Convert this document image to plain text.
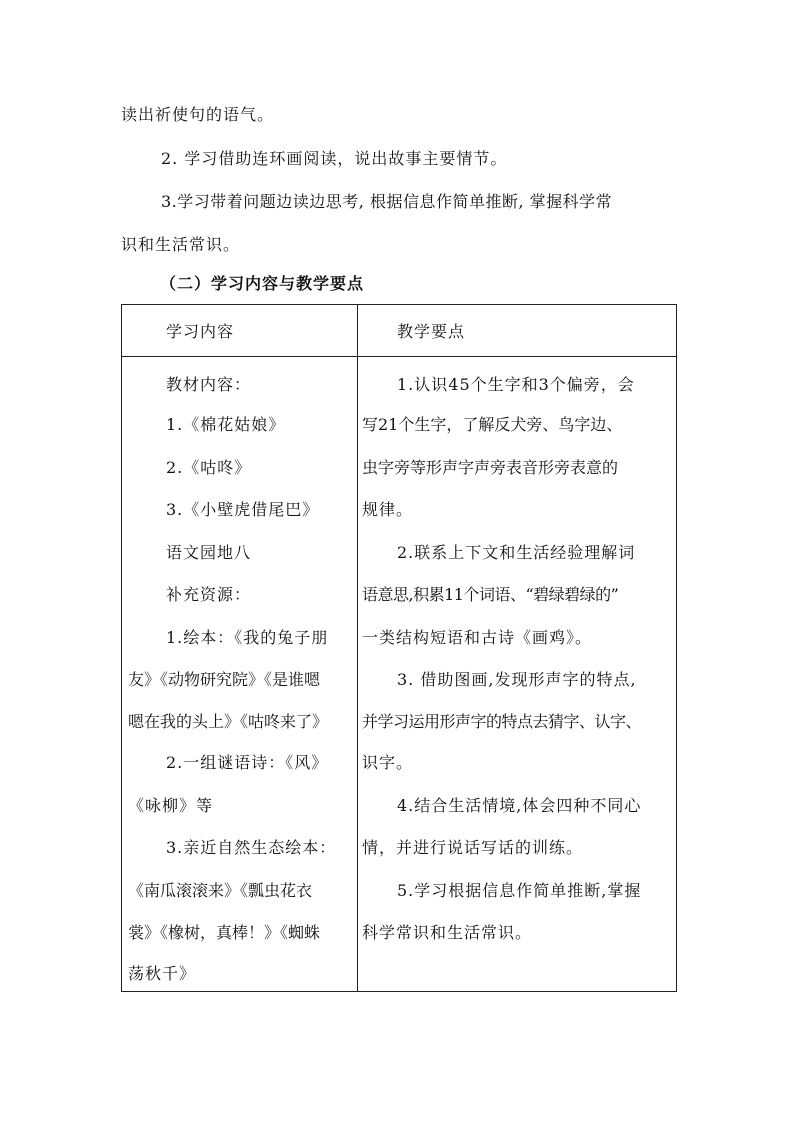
读出祈使句的语气。
2. 学习借助连环画阅读，说出故事主要情节。
3.学习带着问题边读边思考, 根据信息作简单推断, 掌握科学常
识和生活常识。
（二）学习内容与教学要点
学习内容	教学要点
教材内容：
1.《棉花姑娘》
2.《咕咚》
3.《小壁虎借尾巴》
语文园地八
补充资源：
1.绘本：《我的兔子朋
友》《动物研究院》《是谁嗯
嗯在我的头上》《咕咚来了》
2.一组谜语诗：《风》
《咏柳》等
3.亲近自然生态绘本：
《南瓜滚滚来》《瓢虫花衣
裳》《橡树，真棒！》《蜘蛛
荡秋千》
1.认识45个生字和3个偏旁，会
写21个生字，了解反犬旁、鸟字边、
虫字旁等形声字声旁表音形旁表意的
规律。
2.联系上下文和生活经验理解词
语意思,积累11个词语、“碧绿碧绿的”
一类结构短语和古诗《画鸡》。
3. 借助图画,发现形声字的特点,
并学习运用形声字的特点去猜字、认字、
识字。
4.结合生活情境,体会四种不同心
情，并进行说话写话的训练。
5.学习根据信息作简单推断,掌握
科学常识和生活常识。
